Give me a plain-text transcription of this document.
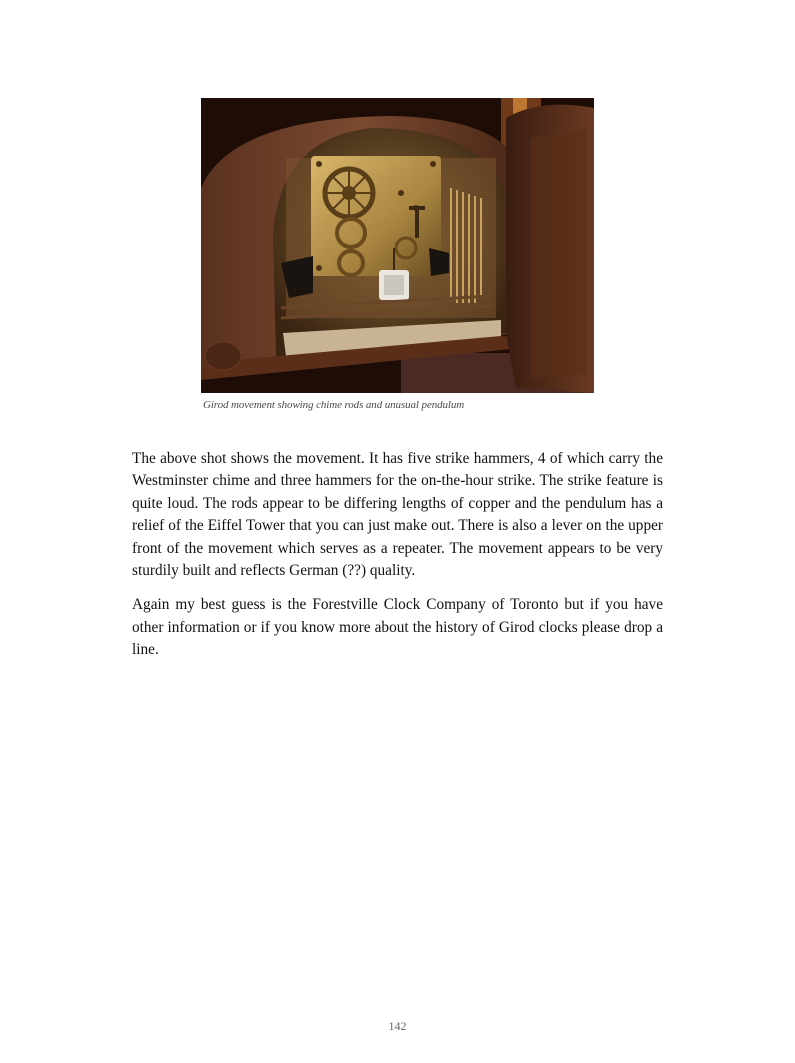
Girod movement showing chime rods and unusual pendulum

The above shot shows the movement. It has five strike hammers, 4 of which carry the Westminster chime and three hammers for the on-the-hour strike. The strike feature is quite loud. The rods appear to be differing lengths of copper and the pendulum has a relief of the Eiffel Tower that you can just make out. There is also a lever on the upper front of the movement which serves as a repeater. The movement appears to be very sturdily built and reflects German (??) quality.

Again my best guess is the Forestville Clock Company of Toronto but if you have other information or if you know more about the history of Girod clocks please drop a line.

142
